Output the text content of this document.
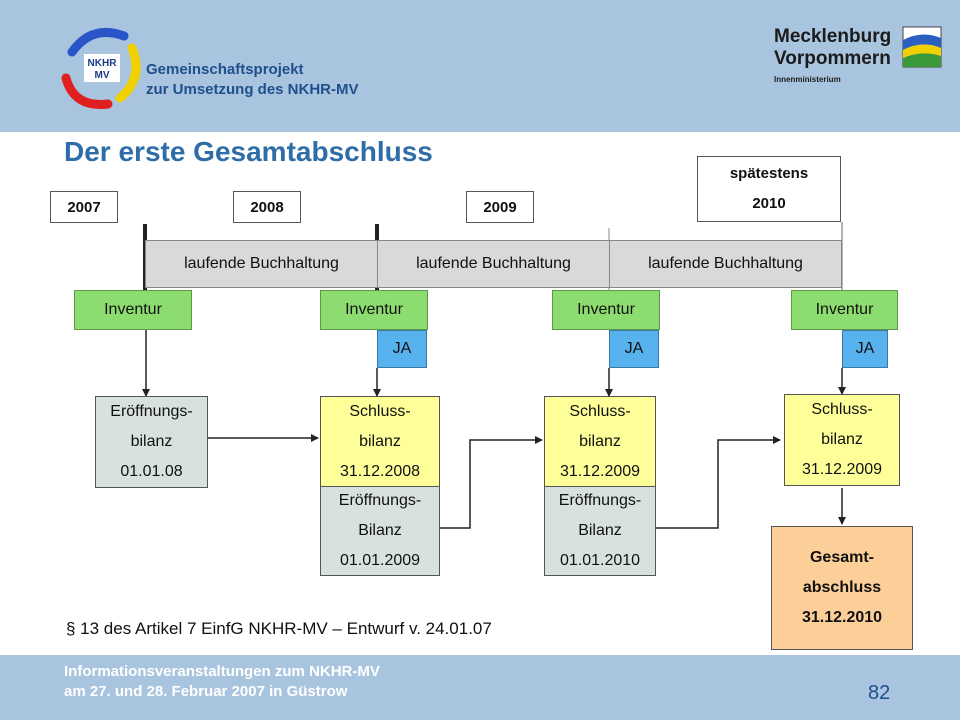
NKHR
MV Gemeinschaftsprojekt
zur Umsetzung des NKHR-MV
Mecklenburg
Vorpommern
Innenministerium
Der erste Gesamtabschluss
2007	2008	2009
spätestens
2010
laufende Buchhaltung	laufende Buchhaltung	laufende Buchhaltung
Inventur	Inventur	Inventur	Inventur
JA	JA	JA
Eröffnungs-
bilanz
01.01.08
Schluss-
bilanz
31.12.2008
Eröffnungs-
Bilanz
01.01.2009
Schluss-
bilanz
31.12.2009
Eröffnungs-
Bilanz
01.01.2010
Schluss-
bilanz
31.12.2009
Gesamt-
abschluss
31.12.2010
§ 13 des Artikel 7 EinfG NKHR-MV – Entwurf v. 24.01.07
Informationsveranstaltungen zum NKHR-MV
am 27. und 28. Februar 2007 in Güstrow	82
